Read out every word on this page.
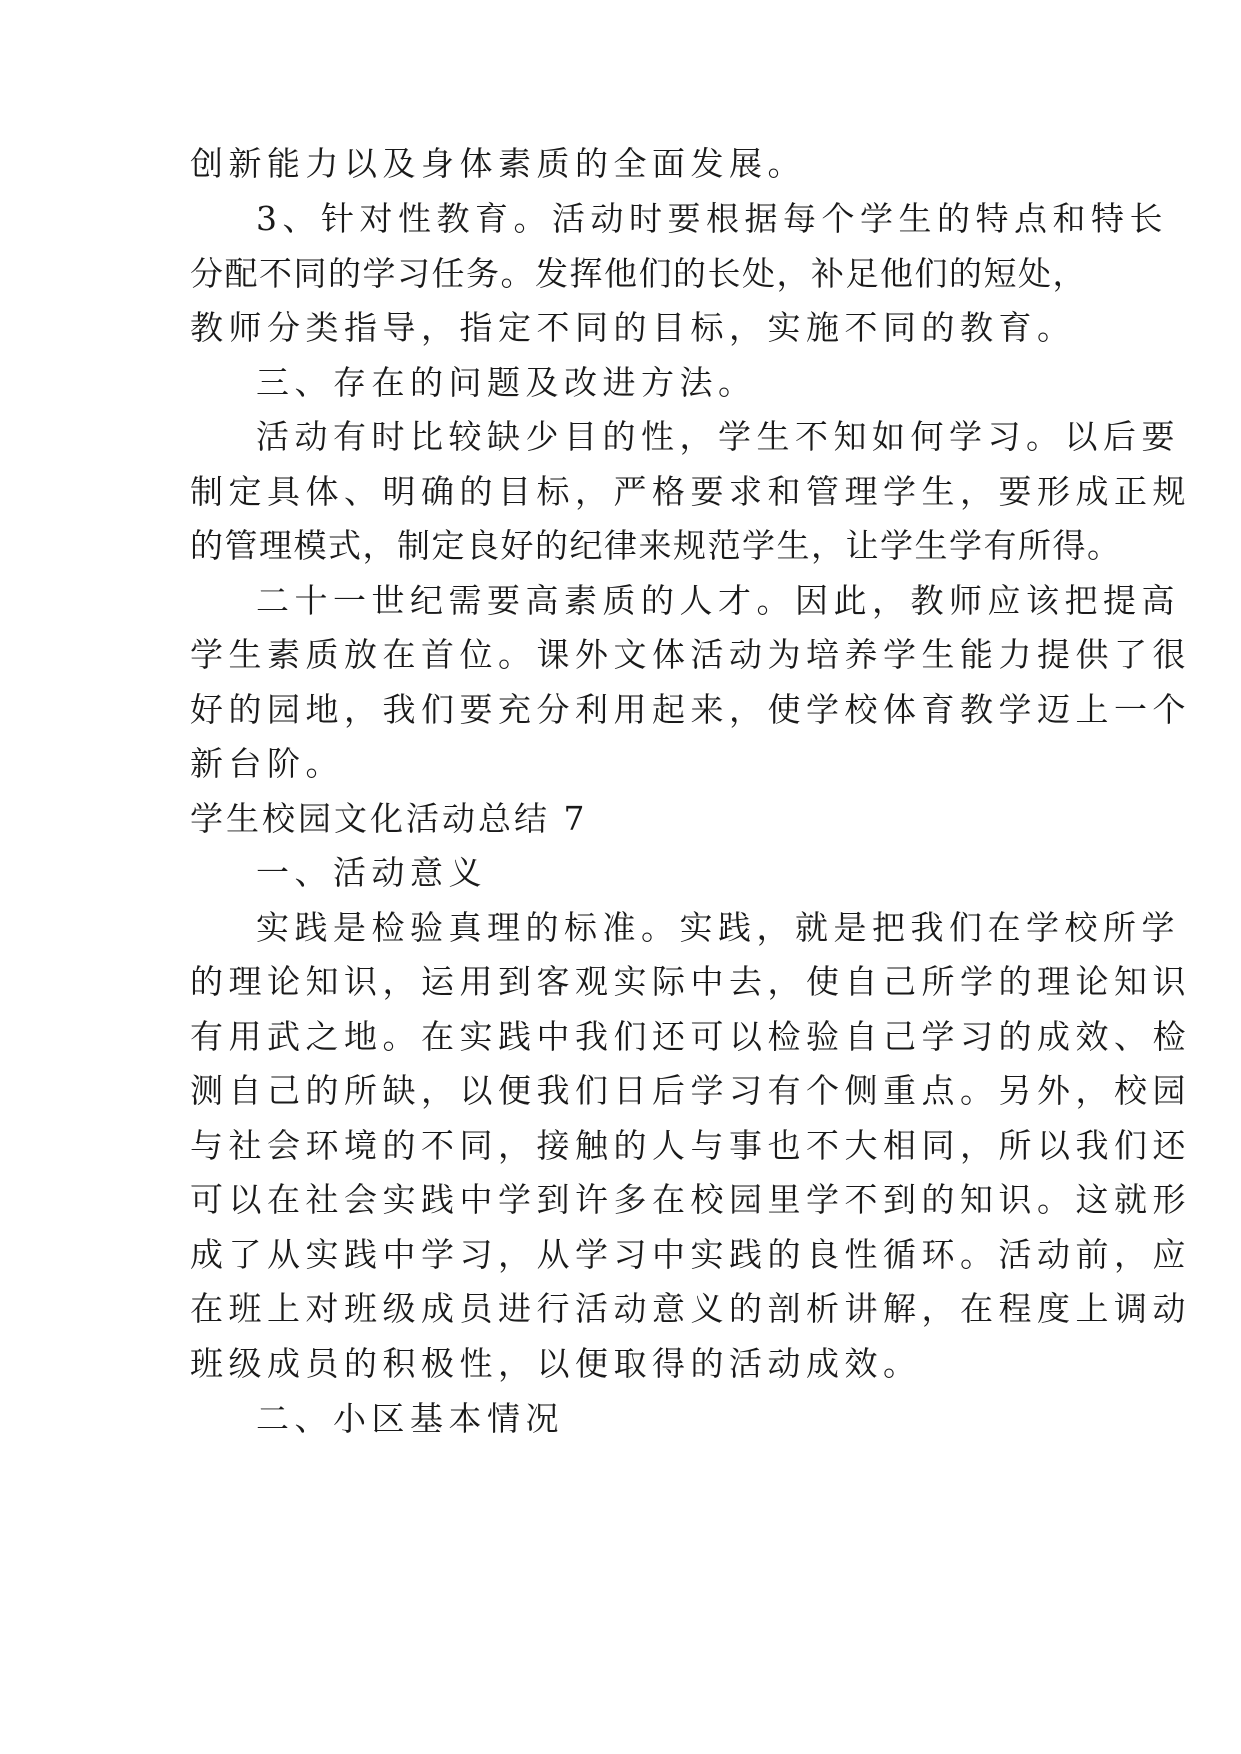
创新能力以及身体素质的全面发展。
3、针对性教育。活动时要根据每个学生的特点和特长
分配不同的学习任务。发挥他们的长处，补足他们的短处，
教师分类指导，指定不同的目标，实施不同的教育。
三、存在的问题及改进方法。
活动有时比较缺少目的性，学生不知如何学习。以后要
制定具体、明确的目标，严格要求和管理学生，要形成正规
的管理模式，制定良好的纪律来规范学生，让学生学有所得。
二十一世纪需要高素质的人才。因此，教师应该把提高
学生素质放在首位。课外文体活动为培养学生能力提供了很
好的园地，我们要充分利用起来，使学校体育教学迈上一个
新台阶。
学生校园文化活动总结 7
一、活动意义
实践是检验真理的标准。实践，就是把我们在学校所学
的理论知识，运用到客观实际中去，使自己所学的理论知识
有用武之地。在实践中我们还可以检验自己学习的成效、检
测自己的所缺，以便我们日后学习有个侧重点。另外，校园
与社会环境的不同，接触的人与事也不大相同，所以我们还
可以在社会实践中学到许多在校园里学不到的知识。这就形
成了从实践中学习，从学习中实践的良性循环。活动前，应
在班上对班级成员进行活动意义的剖析讲解，在程度上调动
班级成员的积极性，以便取得的活动成效。
二、小区基本情况
